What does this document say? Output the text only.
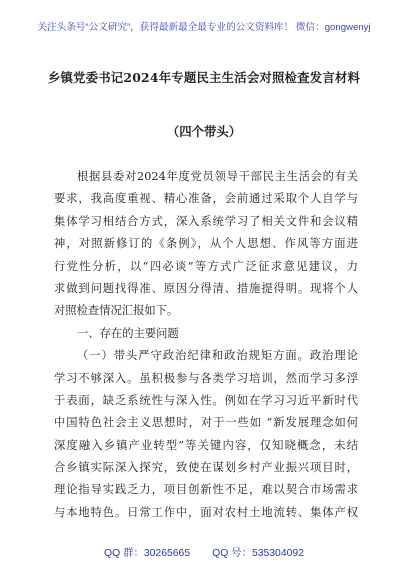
关注头条号“公文研究”，获得最新最全最专业的公文资料库！ 微信：gongwenyj
乡镇党委书记2024年专题民主生活会对照检查发言材料
（四个带头）
根据县委对2024年度党员领导干部民主生活会的有关
要求，我高度重视、精心准备，会前通过采取个人自学与
集体学习相结合方式，深入系统学习了相关文件和会议精
神，对照新修订的《条例》，从个人思想、作风等方面进
行党性分析，以“四必谈”等方式广泛征求意见建议，力
求做到问题找得准、原因分得清、措施提得明。现将个人
对照检查情况汇报如下。
一、存在的主要问题
（一）带头严守政治纪律和政治规矩方面。政治理论
学习不够深入。虽积极参与各类学习培训，然而学习多浮
于表面，缺乏系统性与深入性。例如在学习习近平新时代
中国特色社会主义思想时，对于一些如 “新发展理念如何
深度融入乡镇产业转型”等关键内容，仅知晓概念，未结
合乡镇实际深入探究，致使在谋划乡村产业振兴项目时，
理论指导实践乏力，项目创新性不足，难以契合市场需求
与本地特色。日常工作中，面对农村土地流转、集体产权
QQ 群：30265665 QQ 号：535304092
